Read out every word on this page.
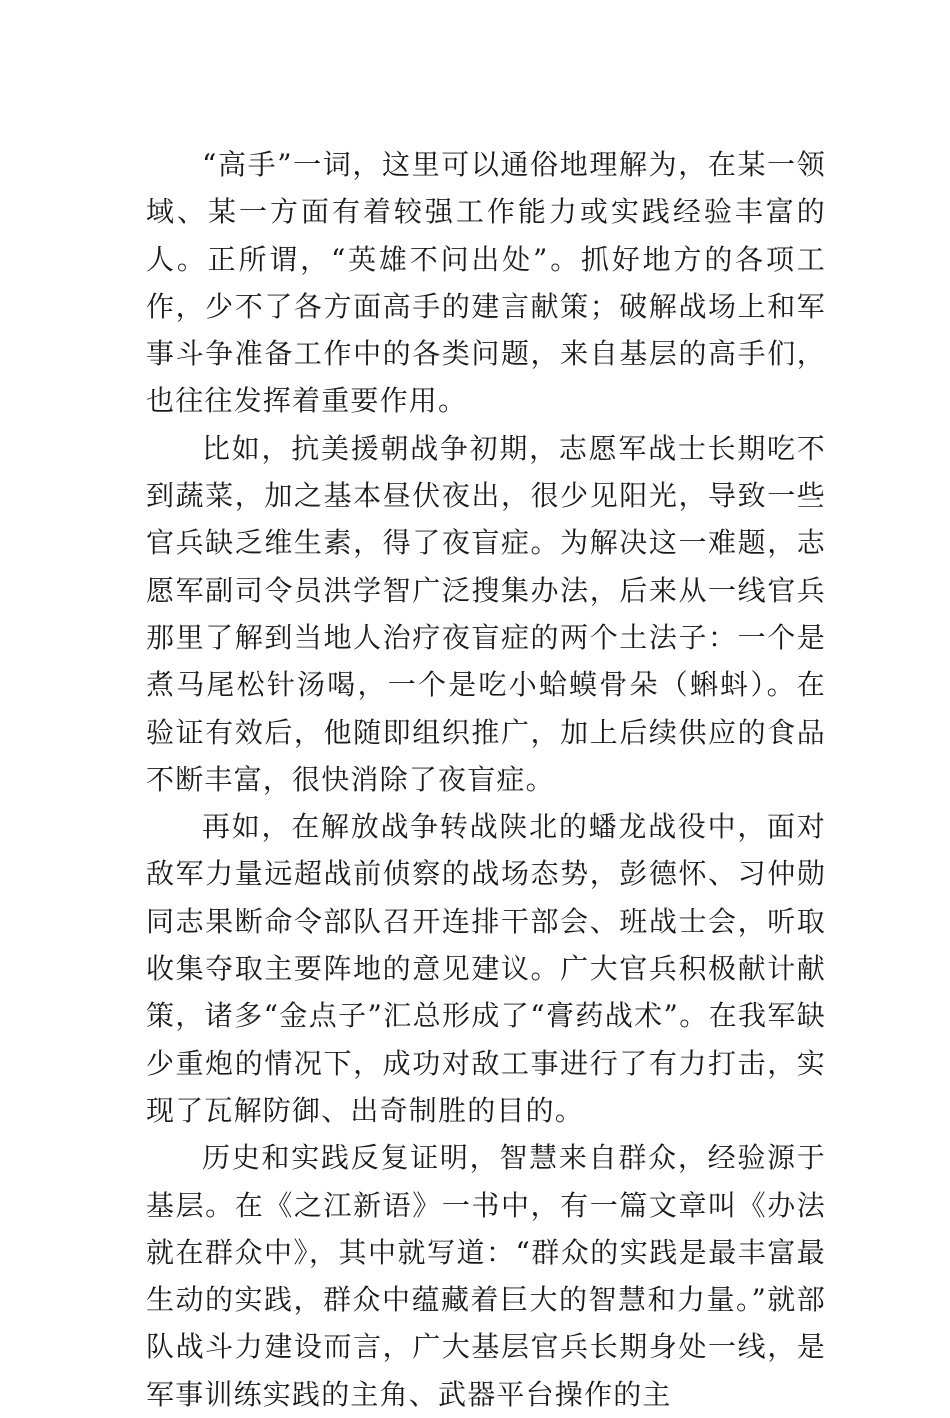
“高手”一词，这里可以通俗地理解为，在某一领域、某一方面有着较强工作能力或实践经验丰富的人。正所谓，“英雄不问出处”。抓好地方的各项工作，少不了各方面高手的建言献策；破解战场上和军事斗争准备工作中的各类问题，来自基层的高手们，也往往发挥着重要作用。

比如，抗美援朝战争初期，志愿军战士长期吃不到蔬菜，加之基本昼伏夜出，很少见阳光，导致一些官兵缺乏维生素，得了夜盲症。为解决这一难题，志愿军副司令员洪学智广泛搜集办法，后来从一线官兵那里了解到当地人治疗夜盲症的两个土法子：一个是煮马尾松针汤喝，一个是吃小蛤蟆骨朵（蝌蚪）。在验证有效后，他随即组织推广，加上后续供应的食品不断丰富，很快消除了夜盲症。

再如，在解放战争转战陕北的蟠龙战役中，面对敌军力量远超战前侦察的战场态势，彭德怀、习仲勋同志果断命令部队召开连排干部会、班战士会，听取收集夺取主要阵地的意见建议。广大官兵积极献计献策，诸多“金点子”汇总形成了“膏药战术”。在我军缺少重炮的情况下，成功对敌工事进行了有力打击，实现了瓦解防御、出奇制胜的目的。

历史和实践反复证明，智慧来自群众，经验源于基层。在《之江新语》一书中，有一篇文章叫《办法就在群众中》，其中就写道：“群众的实践是最丰富最生动的实践，群众中蕴藏着巨大的智慧和力量。”就部队战斗力建设而言，广大基层官兵长期身处一线，是军事训练实践的主角、武器平台操作的主
